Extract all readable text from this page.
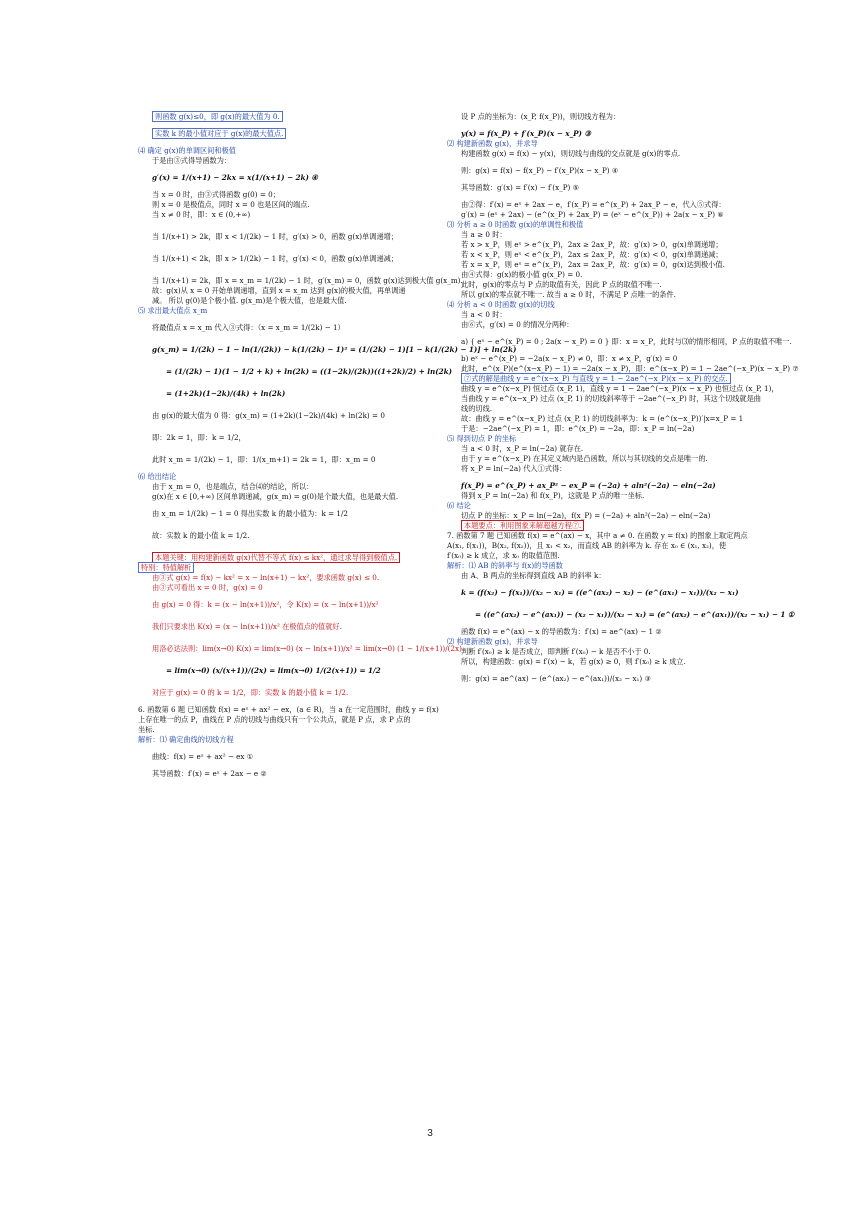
则函数 g(x)≤0，即 g(x)的最大值为 0.
实数 k 的最小值对应于 g(x)的最大值点.
⑷ 确定 g(x)的单调区间和极值
于是由③式得导函数为：
g′(x) = 1/(x+1) − 2kx = x(1/(x+1) − 2k) ④
当 x = 0 时，由③式得函数 g(0) = 0；
则 x = 0 是极值点，同时 x = 0 也是区间的端点.
当 x ≠ 0 时，即：x ∈ (0,+∞)
当 1/(x+1) > 2k，即 x < 1/(2k) − 1 时，g′(x) > 0，函数 g(x)单调递增；
当 1/(x+1) < 2k，即 x > 1/(2k) − 1 时，g′(x) < 0，函数 g(x)单调递减；
当 1/(x+1) = 2k，即 x = x_m = 1/(2k) − 1 时，g′(x_m) = 0，函数 g(x)达到极大值 g(x_m).
故：g(x)从 x = 0 开始单调递增，直到 x = x_m 达到 g(x)的极大值，再单调递
减。 所以 g(0)是个极小值. g(x_m)是个极大值，也是最大值.
⑸ 求出最大值点 x_m
将最值点 x = x_m 代入③式得：（x = x_m = 1/(2k) − 1）
g(x_m) = 1/(2k) − 1 − ln(1/(2k)) − k(1/(2k) − 1)² = (1/(2k) − 1)[1 − k(1/(2k) − 1)] + ln(2k)
= (1/(2k) − 1)(1 − 1/2 + k) + ln(2k) = ((1−2k)/(2k))((1+2k)/2) + ln(2k)
= (1+2k)(1−2k)/(4k) + ln(2k)
由 g(x)的最大值为 0 得：g(x_m) = (1+2k)(1−2k)/(4k) + ln(2k) = 0
即：2k = 1，即：k = 1/2，
此时 x_m = 1/(2k) − 1，即：1/(x_m+1) = 2k = 1，即：x_m = 0
⑹ 给出结论
由于 x_m = 0，也是端点，结合⑷的结论，所以：
g(x)在 x ∈ [0,+∞) 区间单调递减，g(x_m) = g(0)是个最大值，也是最大值.
由 x_m = 1/(2k) − 1 = 0 得出实数 k 的最小值为：k = 1/2
故：实数 k 的最小值 k = 1/2.
本题关键：用构建新函数 g(x)代替不等式 f(x) ≤ kx²，通过求导得到极值点.
特别：特值解析
由③式 g(x) = f(x) − kx² = x − ln(x+1) − kx²，要求函数 g(x) ≤ 0.
由③式可看出 x = 0 时，g(x) = 0
由 g(x) = 0 得：k = (x − ln(x+1))/x²，令 K(x) = (x − ln(x+1))/x²
我们只要求出 K(x) = (x − ln(x+1))/x² 在极值点的值就好.
用洛必达法则：lim(x→0) K(x) = lim(x→0) (x − ln(x+1))/x² = lim(x→0) (1 − 1/(x+1))/(2x)
= lim(x→0) (x/(x+1))/(2x) = lim(x→0) 1/(2(x+1)) = 1/2
对应于 g(x) = 0 的 k = 1/2，即：实数 k 的最小值 k = 1/2.
6. 函数第 6 题 已知函数 f(x) = eˣ + ax² − ex，(a ∈ R)，当 a 在一定范围时，曲线 y = f(x)
上存在唯一的点 P，曲线在 P 点的切线与曲线只有一个公共点，就是 P 点，求 P 点的
坐标.
解析：⑴ 确定曲线的切线方程
曲线：f(x) = eˣ + ax² − ex ①
其导函数：f′(x) = eˣ + 2ax − e ②
设 P 点的坐标为：(x_P, f(x_P))，则切线方程为：
y(x) = f(x_P) + f′(x_P)(x − x_P) ③
⑵ 构建新函数 g(x)，并求导
构建函数 g(x) = f(x) − y(x)，则切线与曲线的交点就是 g(x)的零点.
则：g(x) = f(x) − f(x_P) − f′(x_P)(x − x_P) ④
其导函数：g′(x) = f′(x) − f′(x_P) ⑤
由②得：f′(x) = eˣ + 2ax − e，f′(x_P) = e^(x_P) + 2ax_P − e，代入⑤式得：
g′(x) = (eˣ + 2ax) − (e^(x_P) + 2ax_P) = (eˣ − e^(x_P)) + 2a(x − x_P) ⑥
⑶ 分析 a ≥ 0 时函数 g(x)的单调性和极值
当 a ≥ 0 时：
若 x > x_P，则 eˣ > e^(x_P)，2ax ≥ 2ax_P，故：g′(x) > 0，g(x)单调递增；
若 x < x_P，则 eˣ < e^(x_P)，2ax ≤ 2ax_P，故：g′(x) < 0，g(x)单调递减；
若 x = x_P，则 eˣ = e^(x_P)，2ax = 2ax_P，故：g′(x) = 0，g(x)达到极小值.
由④式得：g(x)的极小值 g(x_P) = 0.
此时，g(x)的零点与 P 点的取值有关，因此 P 点的取值不唯一.
所以 g(x)的零点就不唯一. 故当 a ≥ 0 时，不满足 P 点唯一的条件.
⑷ 分析 a < 0 时函数 g(x)的切线
当 a < 0 时：
由⑥式，g′(x) = 0 的情况分两种：
a) { eˣ − e^(x_P) = 0 ; 2a(x − x_P) = 0 } 即：x = x_P，此时与⑶的情形相同，P 点的取值不唯一.
b) eˣ − e^(x_P) = −2a(x − x_P) ≠ 0，即：x ≠ x_P，g′(x) = 0
此时，e^(x_P)(e^(x−x_P) − 1) = −2a(x − x_P)，即：e^(x−x_P) = 1 − 2ae^(−x_P)(x − x_P) ⑦
⑦式的解是曲线 y = e^(x−x_P) 与直线 y = 1 − 2ae^(−x_P)(x − x_P) 的交点.
曲线 y = e^(x−x_P) 恒过点 (x_P, 1)，直线 y = 1 − 2ae^(−x_P)(x − x_P) 也恒过点 (x_P, 1)，
当曲线 y = e^(x−x_P) 过点 (x_P, 1) 的切线斜率等于 −2ae^(−x_P) 时，其这个切线就是曲
线的切线.
故：曲线 y = e^(x−x_P) 过点 (x_P, 1) 的切线斜率为：k = (e^(x−x_P))′|x=x_P = 1
于是：−2ae^(−x_P) = 1，即：e^(x_P) = −2a，即：x_P = ln(−2a)
⑸ 得到切点 P 的坐标
当 a < 0 时，x_P = ln(−2a) 就存在.
由于 y = e^(x−x_P) 在其定义域内是凸函数，所以与其切线的交点是唯一的.
将 x_P = ln(−2a) 代入①式得：
f(x_P) = e^(x_P) + ax_P² − ex_P = (−2a) + aln²(−2a) − eln(−2a)
得到 x_P = ln(−2a) 和 f(x_P)，这就是 P 点的唯一坐标.
⑹ 结论
切点 P 的坐标：x_P = ln(−2a)，f(x_P) = (−2a) + aln²(−2a) − eln(−2a)
本题要点：利用图象来解超越方程⑦.
7. 函数第 7 题 已知函数 f(x) = e^(ax) − x，其中 a ≠ 0. 在函数 y = f(x) 的图象上取定两点
A(x₁, f(x₁))，B(x₂, f(x₂))，且 x₁ < x₂，而直线 AB 的斜率为 k. 存在 x₀ ∈ (x₁, x₂)，使
f′(x₀) ≥ k 成立，求 x₀ 的取值范围.
解析：⑴ AB 的斜率与 f(x)的导函数
由 A、B 两点的坐标得到直线 AB 的斜率 k：
k = (f(x₂) − f(x₁))/(x₂ − x₁) = ((e^(ax₂) − x₂) − (e^(ax₁) − x₁))/(x₂ − x₁)
= ((e^(ax₂) − e^(ax₁)) − (x₂ − x₁))/(x₂ − x₁) = (e^(ax₂) − e^(ax₁))/(x₂ − x₁) − 1 ①
函数 f(x) = e^(ax) − x 的导函数为：f′(x) = ae^(ax) − 1 ②
⑵ 构建新函数 g(x)，并求导
判断 f′(x₀) ≥ k 是否成立，即判断 f′(x₀) − k 是否不小于 0.
所以，构建函数：g(x) = f′(x) − k，若 g(x) ≥ 0，则 f′(x₀) ≥ k 成立.
则：g(x) = ae^(ax) − (e^(ax₂) − e^(ax₁))/(x₂ − x₁) ③
3
